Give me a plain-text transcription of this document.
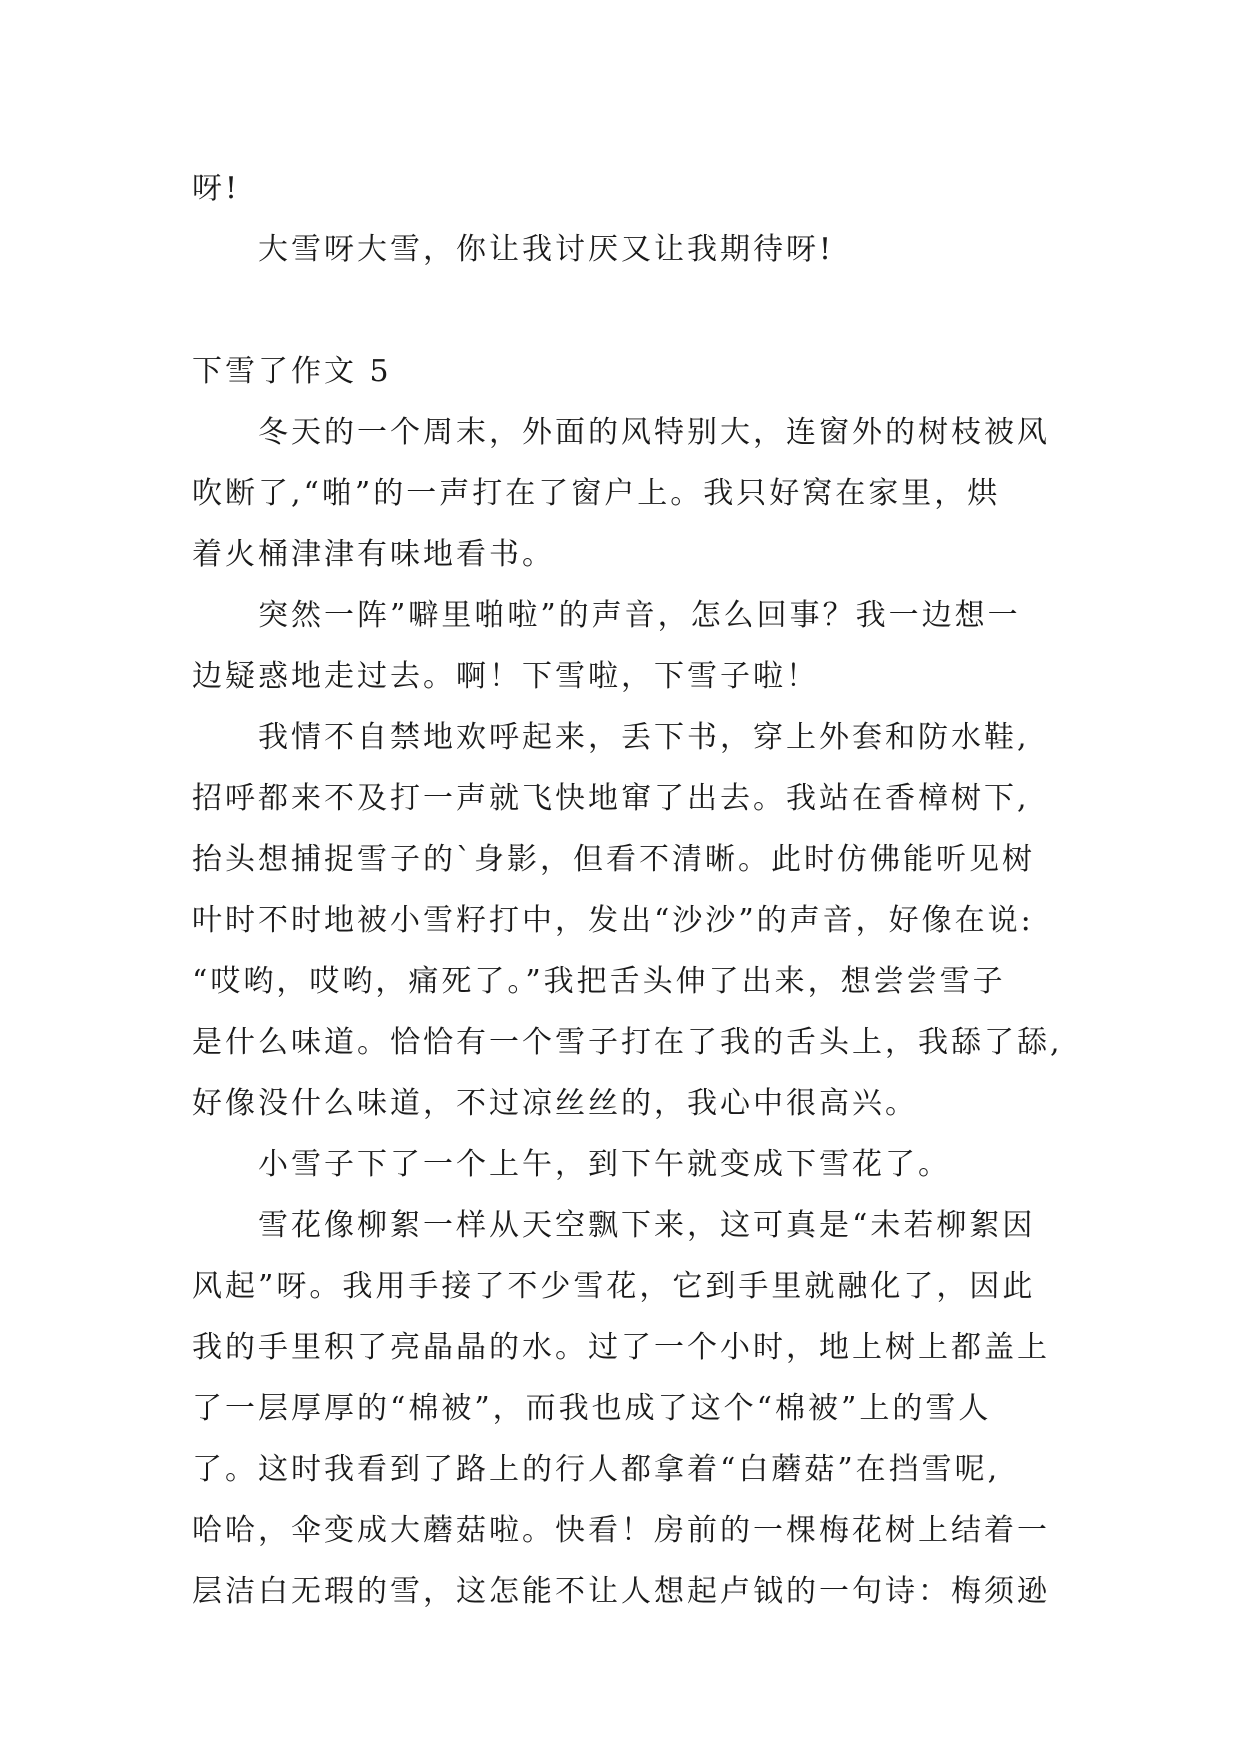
呀!
大雪呀大雪，你让我讨厌又让我期待呀!
下雪了作文 5
冬天的一个周末，外面的风特别大，连窗外的树枝被风
吹断了,“啪”的一声打在了窗户上。我只好窝在家里，烘
着火桶津津有味地看书。
突然一阵”噼里啪啦”的声音，怎么回事？我一边想一
边疑惑地走过去。啊！下雪啦，下雪子啦！
我情不自禁地欢呼起来，丢下书，穿上外套和防水鞋,
招呼都来不及打一声就飞快地窜了出去。我站在香樟树下,
抬头想捕捉雪子的`身影，但看不清晰。此时仿佛能听见树
叶时不时地被小雪籽打中，发出“沙沙”的声音，好像在说:
“哎哟，哎哟，痛死了。”我把舌头伸了出来，想尝尝雪子
是什么味道。恰恰有一个雪子打在了我的舌头上，我舔了舔,
好像没什么味道，不过凉丝丝的，我心中很高兴。
小雪子下了一个上午，到下午就变成下雪花了。
雪花像柳絮一样从天空飘下来，这可真是“未若柳絮因
风起”呀。我用手接了不少雪花，它到手里就融化了，因此
我的手里积了亮晶晶的水。过了一个小时，地上树上都盖上
了一层厚厚的“棉被”，而我也成了这个“棉被”上的雪人
了。这时我看到了路上的行人都拿着“白蘑菇”在挡雪呢,
哈哈，伞变成大蘑菇啦。快看！房前的一棵梅花树上结着一
层洁白无瑕的雪，这怎能不让人想起卢钺的一句诗：梅须逊
